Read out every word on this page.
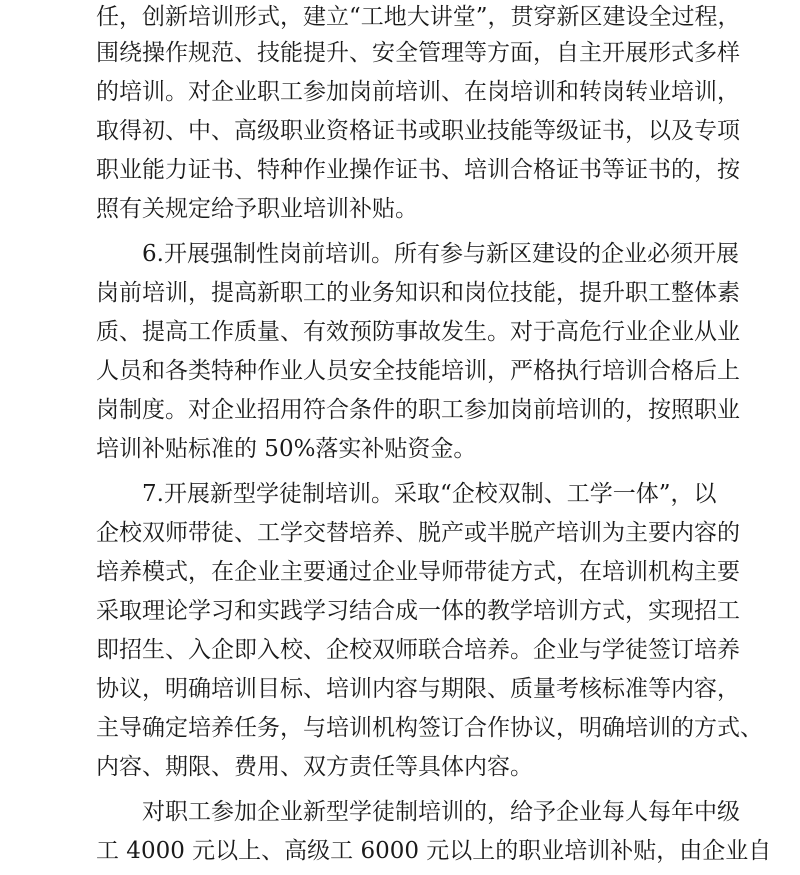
任，创新培训形式，建立“工地大讲堂”，贯穿新区建设全过程，
围绕操作规范、技能提升、安全管理等方面，自主开展形式多样
的培训。对企业职工参加岗前培训、在岗培训和转岗转业培训，
取得初、中、高级职业资格证书或职业技能等级证书，以及专项
职业能力证书、特种作业操作证书、培训合格证书等证书的，按
照有关规定给予职业培训补贴。
6.开展强制性岗前培训。所有参与新区建设的企业必须开展
岗前培训，提高新职工的业务知识和岗位技能，提升职工整体素
质、提高工作质量、有效预防事故发生。对于高危行业企业从业
人员和各类特种作业人员安全技能培训，严格执行培训合格后上
岗制度。对企业招用符合条件的职工参加岗前培训的，按照职业
培训补贴标准的 50%落实补贴资金。
7.开展新型学徒制培训。采取“企校双制、工学一体”，以
企校双师带徒、工学交替培养、脱产或半脱产培训为主要内容的
培养模式，在企业主要通过企业导师带徒方式，在培训机构主要
采取理论学习和实践学习结合成一体的教学培训方式，实现招工
即招生、入企即入校、企校双师联合培养。企业与学徒签订培养
协议，明确培训目标、培训内容与期限、质量考核标准等内容，
主导确定培养任务，与培训机构签订合作协议，明确培训的方式、
内容、期限、费用、双方责任等具体内容。
对职工参加企业新型学徒制培训的，给予企业每人每年中级
工 4000 元以上、高级工 6000 元以上的职业培训补贴，由企业自
